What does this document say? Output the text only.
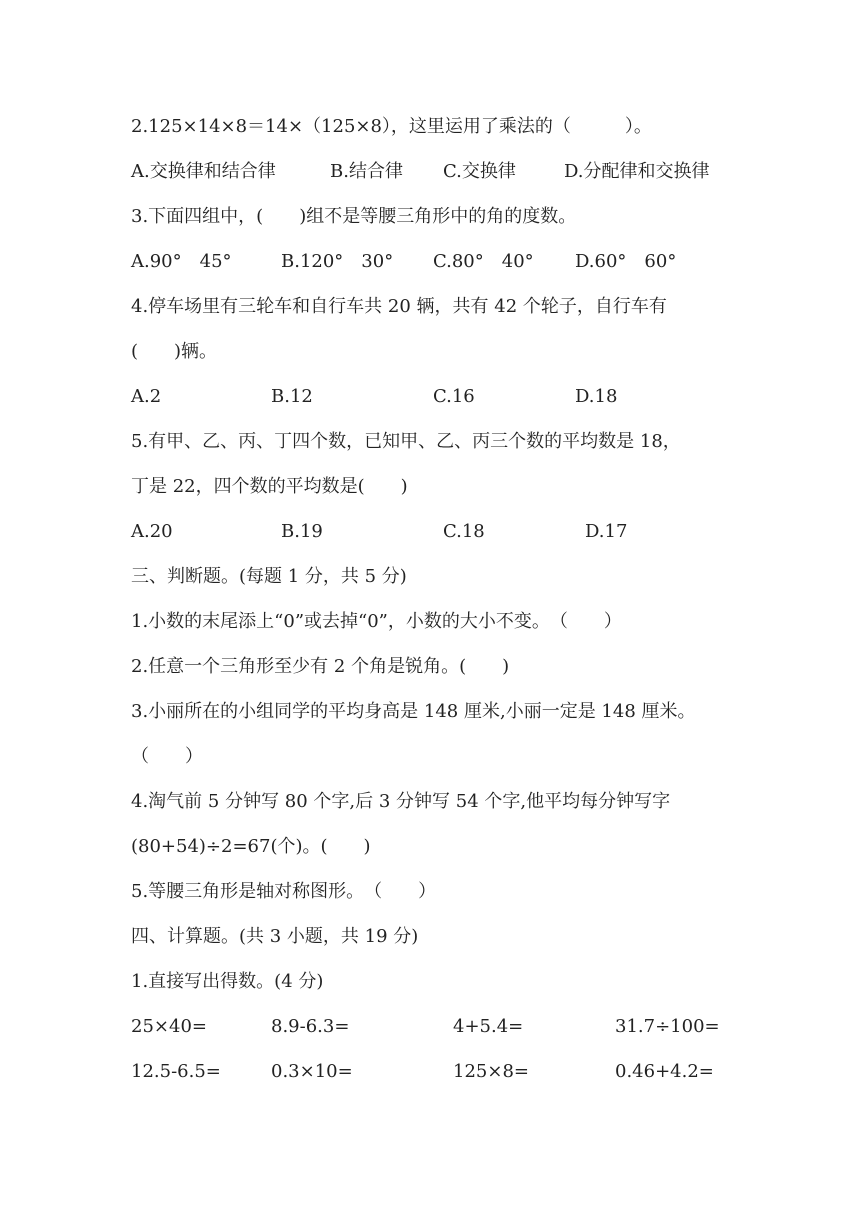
2.125×14×8＝14×（125×8），这里运用了乘法的（　　　）。
A.交换律和结合律	B.结合律 C.交换律	D.分配律和交换律
3.下面四组中，(　　)组不是等腰三角形中的角的度数。
A.90°　45°	B.120°　30° C.80°　40° D.60°　60°
4.停车场里有三轮车和自行车共 20 辆，共有 42 个轮子，自行车有
(　　)辆。
A.2	B.12	C.16	D.18
5.有甲、乙、丙、丁四个数，已知甲、乙、丙三个数的平均数是 18，
丁是 22，四个数的平均数是(　　)
A.20	B.19	C.18	D.17
三、判断题。(每题 1 分，共 5 分)
1.小数的末尾添上“0”或去掉“0”，小数的大小不变。　（　　）
2.任意一个三角形至少有 2 个角是锐角。(　　)
3.小丽所在的小组同学的平均身高是 148 厘米,小丽一定是 148 厘米。
（　　）
4.淘气前 5 分钟写 80 个字,后 3 分钟写 54 个字,他平均每分钟写字
(80+54)÷2=67(个)。(　　)
5.等腰三角形是轴对称图形。　（　　）
四、计算题。(共 3 小题，共 19 分)
1.直接写出得数。(4 分)
25×40=	8.9-6.3=	4+5.4=	31.7÷100=
12.5-6.5=	0.3×10=	125×8=	0.46+4.2=
